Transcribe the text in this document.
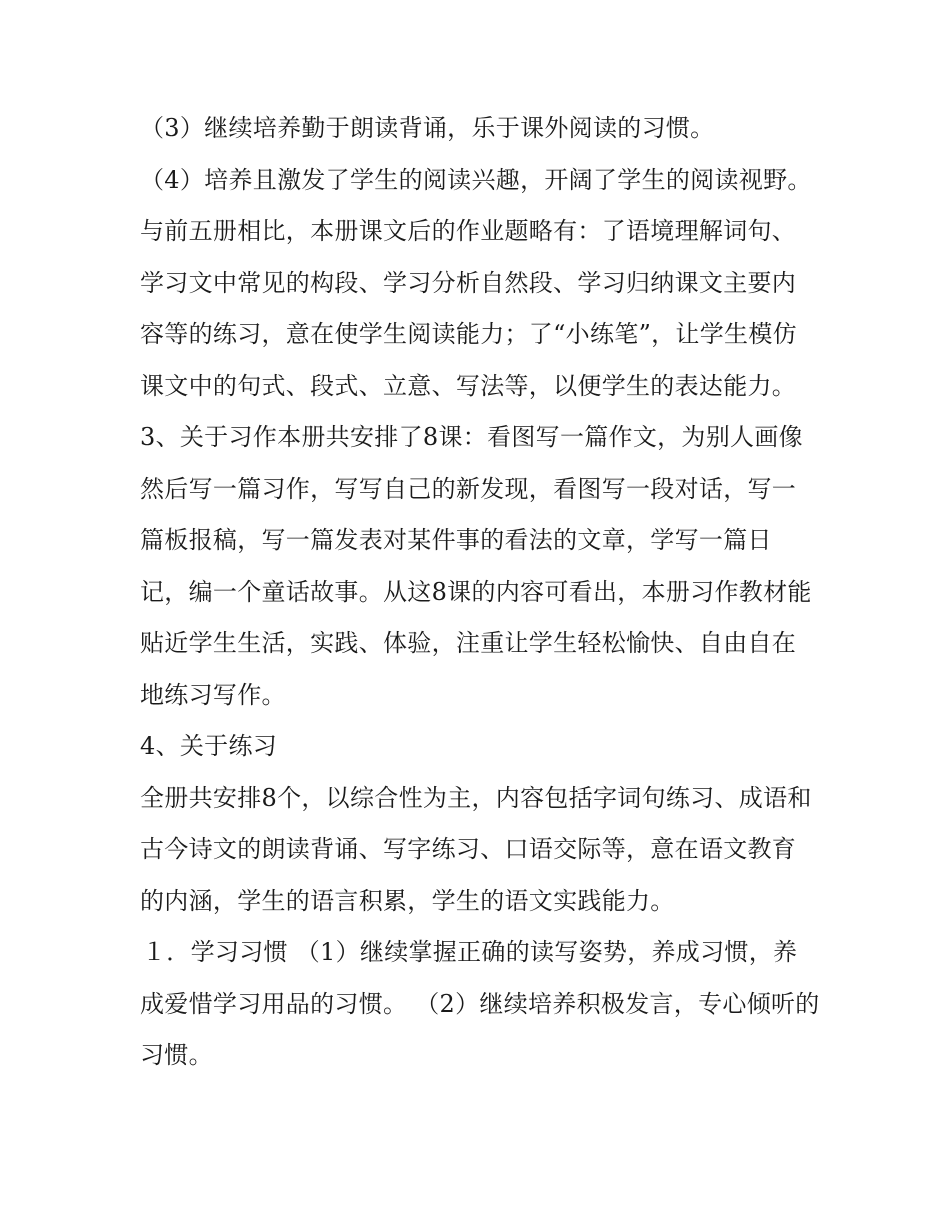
（3）继续培养勤于朗读背诵，乐于课外阅读的习惯。

（4）培养且激发了学生的阅读兴趣，开阔了学生的阅读视野。与前五册相比，本册课文后的作业题略有：了语境理解词句、学习文中常见的构段、学习分析自然段、学习归纳课文主要内容等的练习，意在使学生阅读能力；了“小练笔”，让学生模仿课文中的句式、段式、立意、写法等，以便学生的表达能力。

3、关于习作本册共安排了8课：看图写一篇作文，为别人画像然后写一篇习作，写写自己的新发现，看图写一段对话，写一篇板报稿，写一篇发表对某件事的看法的文章，学写一篇日记，编一个童话故事。从这8课的内容可看出，本册习作教材能贴近学生生活，实践、体验，注重让学生轻松愉快、自由自在地练习写作。

4、关于练习

全册共安排8个，以综合性为主，内容包括字词句练习、成语和古今诗文的朗读背诵、写字练习、口语交际等，意在语文教育的内涵，学生的语言积累，学生的语文实践能力。

１．学习习惯 （1）继续掌握正确的读写姿势，养成习惯，养成爱惜学习用品的习惯。 （2）继续培养积极发言，专心倾听的习惯。
